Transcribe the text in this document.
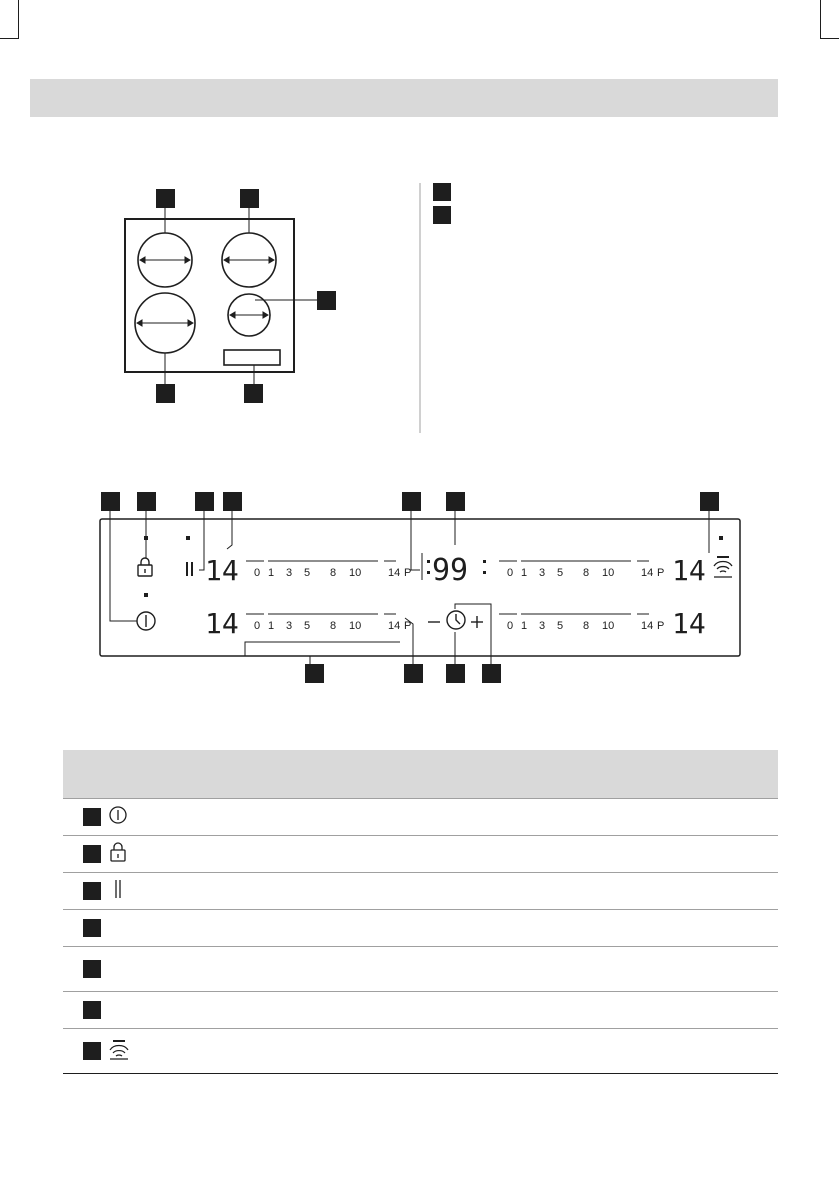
99
14
14
14
14
0 1 3 5 8 10 14 P	0 1 3 5 8 10 14 P
0 1 3 5 8 10 14 P	0 1 3 5 8 10 14 P
